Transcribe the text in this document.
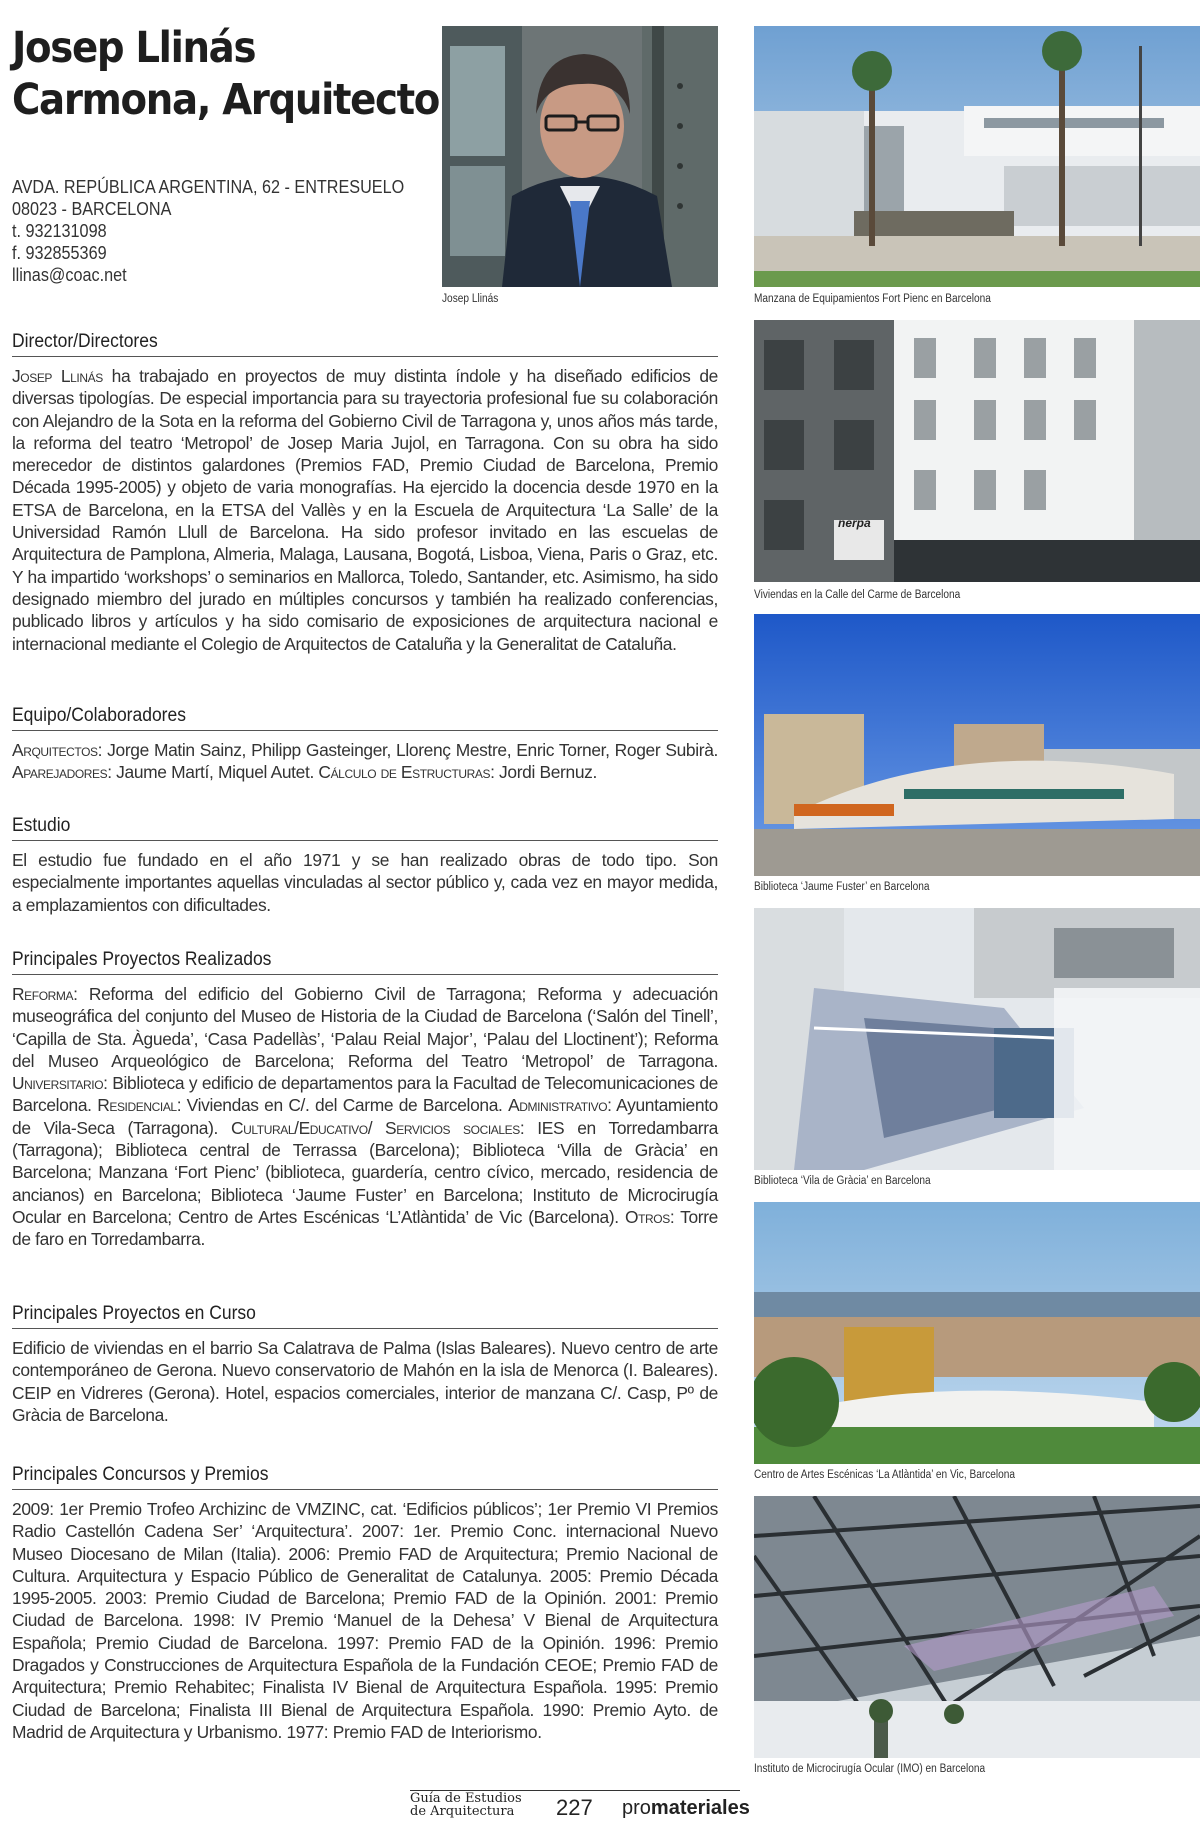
Josep Llinás
Carmona, Arquitecto
AVDA. REPÚBLICA ARGENTINA, 62 - ENTRESUELO
08023 - BARCELONA
t. 932131098
f. 932855369
llinas@coac.net
Josep Llinás
Director/Directores
Josep Llinás ha trabajado en proyectos de muy distinta índole y ha diseñado edificios de diversas tipologías. De especial importancia para su trayectoria profesional fue su colaboración con Alejandro de la Sota en la reforma del Gobierno Civil de Tarragona y, unos años más tarde, la reforma del teatro ‘Metropol’ de Josep Maria Jujol, en Tarragona. Con su obra ha sido merecedor de distintos galardones (Premios FAD, Premio Ciudad de Barcelona, Premio Década 1995-2005) y objeto de varia monografías. Ha ejercido la docencia desde 1970 en la ETSA de Barcelona, en la ETSA del Vallès y en la Escuela de Arquitectura ‘La Salle’ de la Universidad Ramón Llull de Barcelona. Ha sido profesor invitado en las escuelas de Arquitectura de Pamplona, Almeria, Malaga, Lausana, Bogotá, Lisboa, Viena, Paris o Graz, etc. Y ha impartido ‘workshops’ o seminarios en Mallorca, Toledo, Santander, etc. Asimismo, ha sido designado miembro del jurado en múltiples concursos y también ha realizado conferencias, publicado libros y artículos y ha sido comisario de exposiciones de arquitectura nacional e internacional mediante el Colegio de Arquitectos de Cataluña y la Generalitat de Cataluña.
Equipo/Colaboradores
Arquitectos: Jorge Matin Sainz, Philipp Gasteinger, Llorenç Mestre, Enric Torner, Roger Subirà. Aparejadores: Jaume Martí, Miquel Autet. Cálculo de Estructuras: Jordi Bernuz.
Estudio
El estudio fue fundado en el año 1971 y se han realizado obras de todo tipo. Son especialmente importantes aquellas vinculadas al sector público y, cada vez en mayor medida, a emplazamientos con dificultades.
Principales Proyectos Realizados
Reforma: Reforma del edificio del Gobierno Civil de Tarragona; Reforma y adecuación museográfica del conjunto del Museo de Historia de la Ciudad de Barcelona (‘Salón del Tinell’, ‘Capilla de Sta. Àgueda’, ‘Casa Padellàs’, ‘Palau Reial Major’, ‘Palau del Lloctinent’); Reforma del Museo Arqueológico de Barcelona; Reforma del Teatro ‘Metropol’ de Tarragona. Universitario: Biblioteca y edificio de departamentos para la Facultad de Telecomunicaciones de Barcelona. Residencial: Viviendas en C/. del Carme de Barcelona. Administrativo: Ayuntamiento de Vila-Seca (Tarragona). Cultural/Educativo/ Servicios sociales: IES en Torredambarra (Tarragona); Biblioteca central de Terrassa (Barcelona); Biblioteca ‘Villa de Gràcia’ en Barcelona; Manzana ‘Fort Pienc’ (biblioteca, guardería, centro cívico, mercado, residencia de ancianos) en Barcelona; Biblioteca ‘Jaume Fuster’ en Barcelona; Instituto de Microcirugía Ocular en Barcelona; Centro de Artes Escénicas ‘L’Atlàntida’ de Vic (Barcelona). Otros: Torre de faro en Torredambarra.
Principales Proyectos en Curso
Edificio de viviendas en el barrio Sa Calatrava de Palma (Islas Baleares). Nuevo centro de arte contemporáneo de Gerona. Nuevo conservatorio de Mahón en la isla de Menorca (I. Baleares). CEIP en Vidreres (Gerona). Hotel, espacios comerciales, interior de manzana C/. Casp, Pº de Gràcia de Barcelona.
Principales Concursos y Premios
2009: 1er Premio Trofeo Archizinc de VMZINC, cat. ‘Edificios públicos’; 1er Premio VI Premios Radio Castellón Cadena Ser’ ‘Arquitectura’. 2007: 1er. Premio Conc. internacional Nuevo Museo Diocesano de Milan (Italia). 2006: Premio FAD de Arquitectura; Premio Nacional de Cultura. Arquitectura y Espacio Público de Generalitat de Catalunya. 2005: Premio Década 1995-2005. 2003: Premio Ciudad de Barcelona; Premio FAD de la Opinión. 2001: Premio Ciudad de Barcelona. 1998: IV Premio ‘Manuel de la Dehesa’ V Bienal de Arquitectura Española; Premio Ciudad de Barcelona. 1997: Premio FAD de la Opinión. 1996: Premio Dragados y Construcciones de Arquitectura Española de la Fundación CEOE; Premio FAD de Arquitectura; Premio Rehabitec; Finalista IV Bienal de Arquitectura Española. 1995: Premio Ciudad de Barcelona; Finalista III Bienal de Arquitectura Española. 1990: Premio Ayto. de Madrid de Arquitectura y Urbanismo. 1977: Premio FAD de Interiorismo.
Manzana de Equipamientos Fort Pienc en Barcelona
nerpa
Viviendas en la Calle del Carme de Barcelona
Biblioteca ‘Jaume Fuster’ en Barcelona
Biblioteca ‘Vila de Gràcia’ en Barcelona
Centro de Artes Escénicas ‘La Atlàntida’ en Vic, Barcelona
Instituto de Microcirugía Ocular (IMO) en Barcelona
Guía de Estudios
de Arquitectura	227 promateriales
